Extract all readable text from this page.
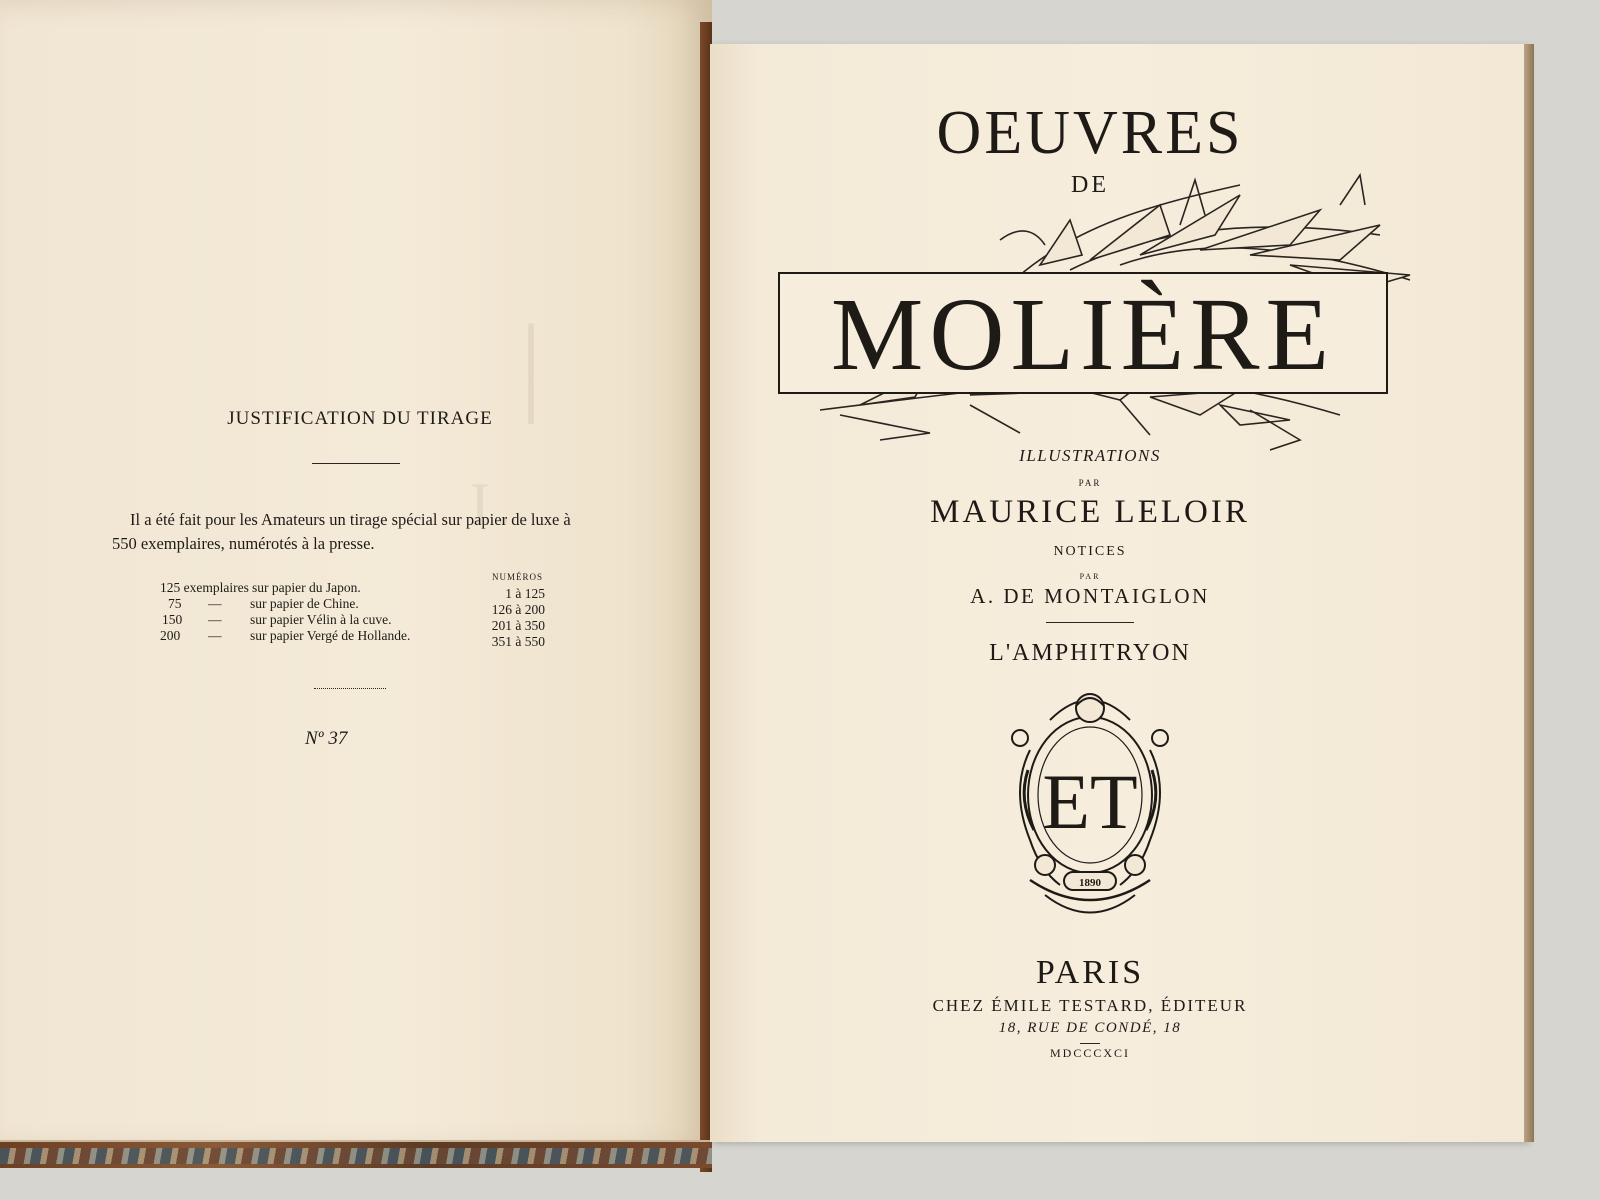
I.
|
JUSTIFICATION DU TIRAGE
Il a été fait pour les Amateurs un tirage spécial sur papier de luxe à
550 exemplaires, numérotés à la presse.
NUMÉROS
125 exemplaires sur papier du Japon.	1 à 125
75 — sur papier de Chine.	126 à 200
150 — sur papier Vélin à la cuve.	201 à 350
200 — sur papier Vergé de Hollande.	351 à 550
Nº 37
OEUVRES
DE
MOLIÈRE
ILLUSTRATIONS
PAR
MAURICE LELOIR
NOTICES
PAR
A. DE MONTAIGLON
L'AMPHITRYON
ET
1890
PARIS
CHEZ ÉMILE TESTARD, ÉDITEUR
18, RUE DE CONDÉ, 18
MDCCCXCI
